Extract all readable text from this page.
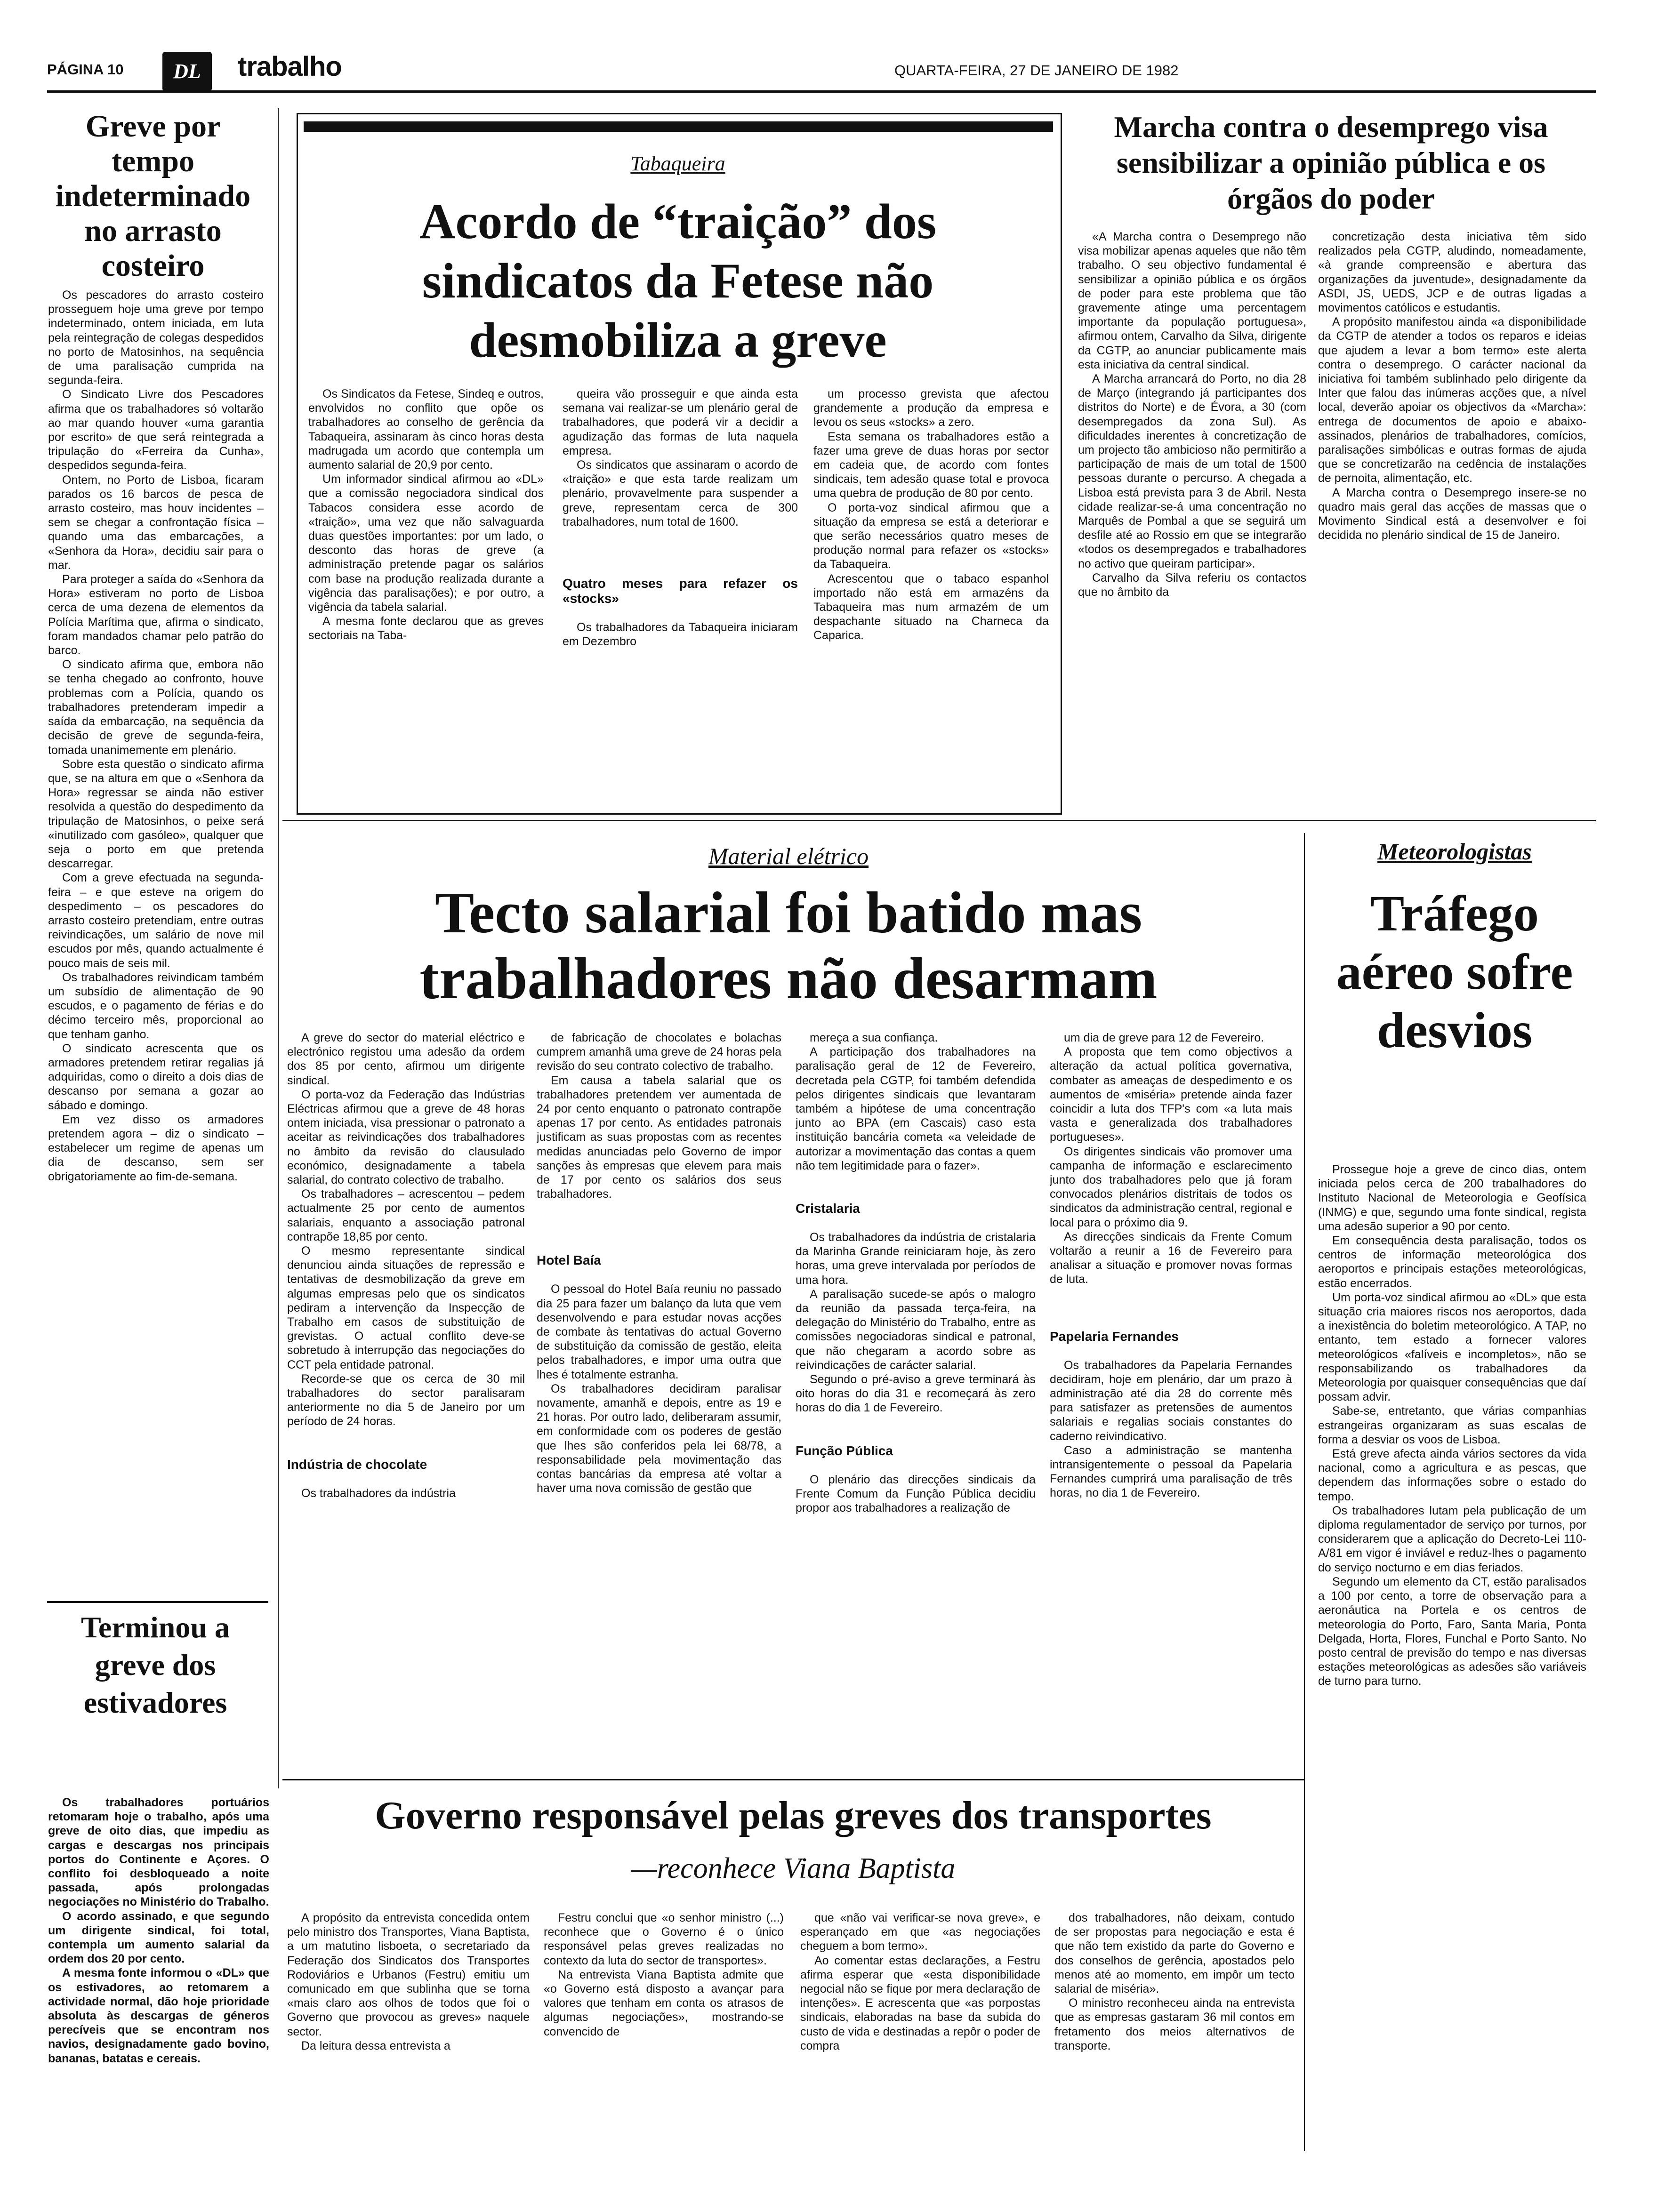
PÁGINA 10	DL	trabalho	QUARTA-FEIRA, 27 DE JANEIRO DE 1982
Greve por tempo indeterminado no arrasto costeiro

Os pescadores do arrasto costeiro prosseguem hoje uma greve por tempo indeterminado, ontem iniciada, em luta pela reintegração de colegas despedidos no porto de Matosinhos, na sequência de uma paralisação cumprida na segunda-feira.

O Sindicato Livre dos Pescadores afirma que os trabalhadores só voltarão ao mar quando houver «uma garantia por escrito» de que será reintegrada a tripulação do «Ferreira da Cunha», despedidos segunda-feira.

Ontem, no Porto de Lisboa, ficaram parados os 16 barcos de pesca de arrasto costeiro, mas houv incidentes – sem se chegar a confrontação física – quando uma das embarcações, a «Senhora da Hora», decidiu sair para o mar.

Para proteger a saída do «Senhora da Hora» estiveram no porto de Lisboa cerca de uma dezena de elementos da Polícia Marítima que, afirma o sindicato, foram mandados chamar pelo patrão do barco.

O sindicato afirma que, embora não se tenha chegado ao confronto, houve problemas com a Polícia, quando os trabalhadores pretenderam impedir a saída da embarcação, na sequência da decisão de greve de segunda-feira, tomada unanimemente em plenário.

Sobre esta questão o sindicato afirma que, se na altura em que o «Senhora da Hora» regressar se ainda não estiver resolvida a questão do despedimento da tripulação de Matosinhos, o peixe será «inutilizado com gasóleo», qualquer que seja o porto em que pretenda descarregar.

Com a greve efectuada na segunda-feira – e que esteve na origem do despedimento – os pescadores do arrasto costeiro pretendiam, entre outras reivindicações, um salário de nove mil escudos por mês, quando actualmente é pouco mais de seis mil.

Os trabalhadores reivindicam também um subsídio de alimentação de 90 escudos, e o pagamento de férias e do décimo terceiro mês, proporcional ao que tenham ganho.

O sindicato acrescenta que os armadores pretendem retirar regalias já adquiridas, como o direito a dois dias de descanso por semana a gozar ao sábado e domingo.

Em vez disso os armadores pretendem agora – diz o sindicato – estabelecer um regime de apenas um dia de descanso, sem ser obrigatoriamente ao fim-de-semana.

Terminou a greve dos estivadores

Os trabalhadores portuários retomaram hoje o trabalho, após uma greve de oito dias, que impediu as cargas e descargas nos principais portos do Continente e Açores. O conflito foi desbloqueado a noite passada, após prolongadas negociações no Ministério do Trabalho.

O acordo assinado, e que segundo um dirigente sindical, foi total, contempla um aumento salarial da ordem dos 20 por cento.

A mesma fonte informou o «DL» que os estivadores, ao retomarem a actividade normal, dão hoje prioridade absoluta às descargas de géneros perecíveis que se encontram nos navios, designadamente gado bovino, bananas, batatas e cereais.

Tabaqueira
Acordo de “traição” dos sindicatos da Fetese não desmobiliza a greve

Os Sindicatos da Fetese, Sindeq e outros, envolvidos no conflito que opõe os trabalhadores ao conselho de gerência da Tabaqueira, assinaram às cinco horas desta madrugada um acordo que contempla um aumento salarial de 20,9 por cento.

Um informador sindical afirmou ao «DL» que a comissão negociadora sindical dos Tabacos considera esse acordo de «traição», uma vez que não salvaguarda duas questões importantes: por um lado, o desconto das horas de greve (a administração pretende pagar os salários com base na produção realizada durante a vigência das paralisações); e por outro, a vigência da tabela salarial.

A mesma fonte declarou que as greves sectoriais na Taba-

queira vão prosseguir e que ainda esta semana vai realizar-se um plenário geral de trabalhadores, que poderá vir a decidir a agudização das formas de luta naquela empresa.

Os sindicatos que assinaram o acordo de «traição» e que esta tarde realizam um plenário, provavelmente para suspender a greve, representam cerca de 300 trabalhadores, num total de 1600.

Quatro meses para refazer os «stocks»

Os trabalhadores da Tabaqueira iniciaram em Dezembro

um processo grevista que afectou grandemente a produção da empresa e levou os seus «stocks» a zero.

Esta semana os trabalhadores estão a fazer uma greve de duas horas por sector em cadeia que, de acordo com fontes sindicais, tem adesão quase total e provoca uma quebra de produção de 80 por cento.

O porta-voz sindical afirmou que a situação da empresa se está a deteriorar e que serão necessários quatro meses de produção normal para refazer os «stocks» da Tabaqueira.

Acrescentou que o tabaco espanhol importado não está em armazéns da Tabaqueira mas num armazém de um despachante situado na Charneca da Caparica.

Marcha contra o desemprego visa sensibilizar a opinião pública e os órgãos do poder

«A Marcha contra o Desemprego não visa mobilizar apenas aqueles que não têm trabalho. O seu objectivo fundamental é sensibilizar a opinião pública e os órgãos de poder para este problema que tão gravemente atinge uma percentagem importante da população portuguesa», afirmou ontem, Carvalho da Silva, dirigente da CGTP, ao anunciar publicamente mais esta iniciativa da central sindical.

A Marcha arrancará do Porto, no dia 28 de Março (integrando já participantes dos distritos do Norte) e de Évora, a 30 (com desempregados da zona Sul). As dificuldades inerentes à concretização de um projecto tão ambicioso não permitirão a participação de mais de um total de 1500 pessoas durante o percurso. A chegada a Lisboa está prevista para 3 de Abril. Nesta cidade realizar-se-á uma concentração no Marquês de Pombal a que se seguirá um desfile até ao Rossio em que se integrarão «todos os desempregados e trabalhadores no activo que queiram participar».

Carvalho da Silva referiu os contactos que no âmbito da

concretização desta iniciativa têm sido realizados pela CGTP, aludindo, nomeadamente, «à grande compreensão e abertura das organizações da juventude», designadamente da ASDI, JS, UEDS, JCP e de outras ligadas a movimentos católicos e estudantis.

A propósito manifestou ainda «a disponibilidade da CGTP de atender a todos os reparos e ideias que ajudem a levar a bom termo» este alerta contra o desemprego. O carácter nacional da iniciativa foi também sublinhado pelo dirigente da Inter que falou das inúmeras acções que, a nível local, deverão apoiar os objectivos da «Marcha»: entrega de documentos de apoio e abaixo-assinados, plenários de trabalhadores, comícios, paralisações simbólicas e outras formas de ajuda que se concretizarão na cedência de instalações de pernoita, alimentação, etc.

A Marcha contra o Desemprego insere-se no quadro mais geral das acções de massas que o Movimento Sindical está a desenvolver e foi decidida no plenário sindical de 15 de Janeiro.

Material elétrico
Tecto salarial foi batido mas trabalhadores não desarmam

A greve do sector do material eléctrico e electrónico registou uma adesão da ordem dos 85 por cento, afirmou um dirigente sindical.

O porta-voz da Federação das Indústrias Eléctricas afirmou que a greve de 48 horas ontem iniciada, visa pressionar o patronato a aceitar as reivindicações dos trabalhadores no âmbito da revisão do clausulado económico, designadamente a tabela salarial, do contrato colectivo de trabalho.

Os trabalhadores – acrescentou – pedem actualmente 25 por cento de aumentos salariais, enquanto a associação patronal contrapõe 18,85 por cento.

O mesmo representante sindical denunciou ainda situações de repressão e tentativas de desmobilização da greve em algumas empresas pelo que os sindicatos pediram a intervenção da Inspecção de Trabalho em casos de substituição de grevistas. O actual conflito deve-se sobretudo à interrupção das negociações do CCT pela entidade patronal.

Recorde-se que os cerca de 30 mil trabalhadores do sector paralisaram anteriormente no dia 5 de Janeiro por um período de 24 horas.

Indústria de chocolate

Os trabalhadores da indústria

de fabricação de chocolates e bolachas cumprem amanhã uma greve de 24 horas pela revisão do seu contrato colectivo de trabalho.

Em causa a tabela salarial que os trabalhadores pretendem ver aumentada de 24 por cento enquanto o patronato contrapõe apenas 17 por cento. As entidades patronais justificam as suas propostas com as recentes medidas anunciadas pelo Governo de impor sanções às empresas que elevem para mais de 17 por cento os salários dos seus trabalhadores.

Hotel Baía

O pessoal do Hotel Baía reuniu no passado dia 25 para fazer um balanço da luta que vem desenvolvendo e para estudar novas acções de combate às tentativas do actual Governo de substituição da comissão de gestão, eleita pelos trabalhadores, e impor uma outra que lhes é totalmente estranha.

Os trabalhadores decidiram paralisar novamente, amanhã e depois, entre as 19 e 21 horas. Por outro lado, deliberaram assumir, em conformidade com os poderes de gestão que lhes são conferidos pela lei 68/78, a responsabilidade pela movimentação das contas bancárias da empresa até voltar a haver uma nova comissão de gestão que

mereça a sua confiança.

A participação dos trabalhadores na paralisação geral de 12 de Fevereiro, decretada pela CGTP, foi também defendida pelos dirigentes sindicais que levantaram também a hipótese de uma concentração junto ao BPA (em Cascais) caso esta instituição bancária cometa «a veleidade de autorizar a movimentação das contas a quem não tem legitimidade para o fazer».

Cristalaria

Os trabalhadores da indústria de cristalaria da Marinha Grande reiniciaram hoje, às zero horas, uma greve intervalada por períodos de uma hora.

A paralisação sucede-se após o malogro da reunião da passada terça-feira, na delegação do Ministério do Trabalho, entre as comissões negociadoras sindical e patronal, que não chegaram a acordo sobre as reivindicações de carácter salarial.

Segundo o pré-aviso a greve terminará às oito horas do dia 31 e recomeçará às zero horas do dia 1 de Fevereiro.

Função Pública

O plenário das direcções sindicais da Frente Comum da Função Pública decidiu propor aos trabalhadores a realização de

um dia de greve para 12 de Fevereiro.

A proposta que tem como objectivos a alteração da actual política governativa, combater as ameaças de despedimento e os aumentos de «miséria» pretende ainda fazer coincidir a luta dos TFP's com «a luta mais vasta e generalizada dos trabalhadores portugueses».

Os dirigentes sindicais vão promover uma campanha de informação e esclarecimento junto dos trabalhadores pelo que já foram convocados plenários distritais de todos os sindicatos da administração central, regional e local para o próximo dia 9.

As direcções sindicais da Frente Comum voltarão a reunir a 16 de Fevereiro para analisar a situação e promover novas formas de luta.

Papelaria Fernandes

Os trabalhadores da Papelaria Fernandes decidiram, hoje em plenário, dar um prazo à administração até dia 28 do corrente mês para satisfazer as pretensões de aumentos salariais e regalias sociais constantes do caderno reivindicativo.

Caso a administração se mantenha intransigentemente o pessoal da Papelaria Fernandes cumprirá uma paralisação de três horas, no dia 1 de Fevereiro.

Meteorologistas
Tráfego aéreo sofre desvios

Prossegue hoje a greve de cinco dias, ontem iniciada pelos cerca de 200 trabalhadores do Instituto Nacional de Meteorologia e Geofísica (INMG) e que, segundo uma fonte sindical, regista uma adesão superior a 90 por cento.

Em consequência desta paralisação, todos os centros de informação meteorológica dos aeroportos e principais estações meteorológicas, estão encerrados.

Um porta-voz sindical afirmou ao «DL» que esta situação cria maiores riscos nos aeroportos, dada a inexistência do boletim meteorológico. A TAP, no entanto, tem estado a fornecer valores meteorológicos «falíveis e incompletos», não se responsabilizando os trabalhadores da Meteorologia por quaisquer consequências que daí possam advir.

Sabe-se, entretanto, que várias companhias estrangeiras organizaram as suas escalas de forma a desviar os voos de Lisboa.

Está greve afecta ainda vários sectores da vida nacional, como a agricultura e as pescas, que dependem das informações sobre o estado do tempo.

Os trabalhadores lutam pela publicação de um diploma regulamentador de serviço por turnos, por considerarem que a aplicação do Decreto-Lei 110-A/81 em vigor é inviável e reduz-lhes o pagamento do serviço nocturno e em dias feriados.

Segundo um elemento da CT, estão paralisados a 100 por cento, a torre de observação para a aeronáutica na Portela e os centros de meteorologia do Porto, Faro, Santa Maria, Ponta Delgada, Horta, Flores, Funchal e Porto Santo. No posto central de previsão do tempo e nas diversas estações meteorológicas as adesões são variáveis de turno para turno.

Governo responsável pelas greves dos transportes
—reconhece Viana Baptista

A propósito da entrevista concedida ontem pelo ministro dos Transportes, Viana Baptista, a um matutino lisboeta, o secretariado da Federação dos Sindicatos dos Transportes Rodoviários e Urbanos (Festru) emitiu um comunicado em que sublinha que se torna «mais claro aos olhos de todos que foi o Governo que provocou as greves» naquele sector.

Da leitura dessa entrevista a

Festru conclui que «o senhor ministro (...) reconhece que o Governo é o único responsável pelas greves realizadas no contexto da luta do sector de transportes».

Na entrevista Viana Baptista admite que «o Governo está disposto a avançar para valores que tenham em conta os atrasos de algumas negociações», mostrando-se convencido de

que «não vai verificar-se nova greve», e esperançado em que «as negociações cheguem a bom termo».

Ao comentar estas declarações, a Festru afirma esperar que «esta disponibilidade negocial não se fique por mera declaração de intenções». E acrescenta que «as porpostas sindicais, elaboradas na base da subida do custo de vida e destinadas a repôr o poder de compra

dos trabalhadores, não deixam, contudo de ser propostas para negociação e esta é que não tem existido da parte do Governo e dos conselhos de gerência, apostados pelo menos até ao momento, em impôr um tecto salarial de miséria».

O ministro reconheceu ainda na entrevista que as empresas gastaram 36 mil contos em fretamento dos meios alternativos de transporte.
